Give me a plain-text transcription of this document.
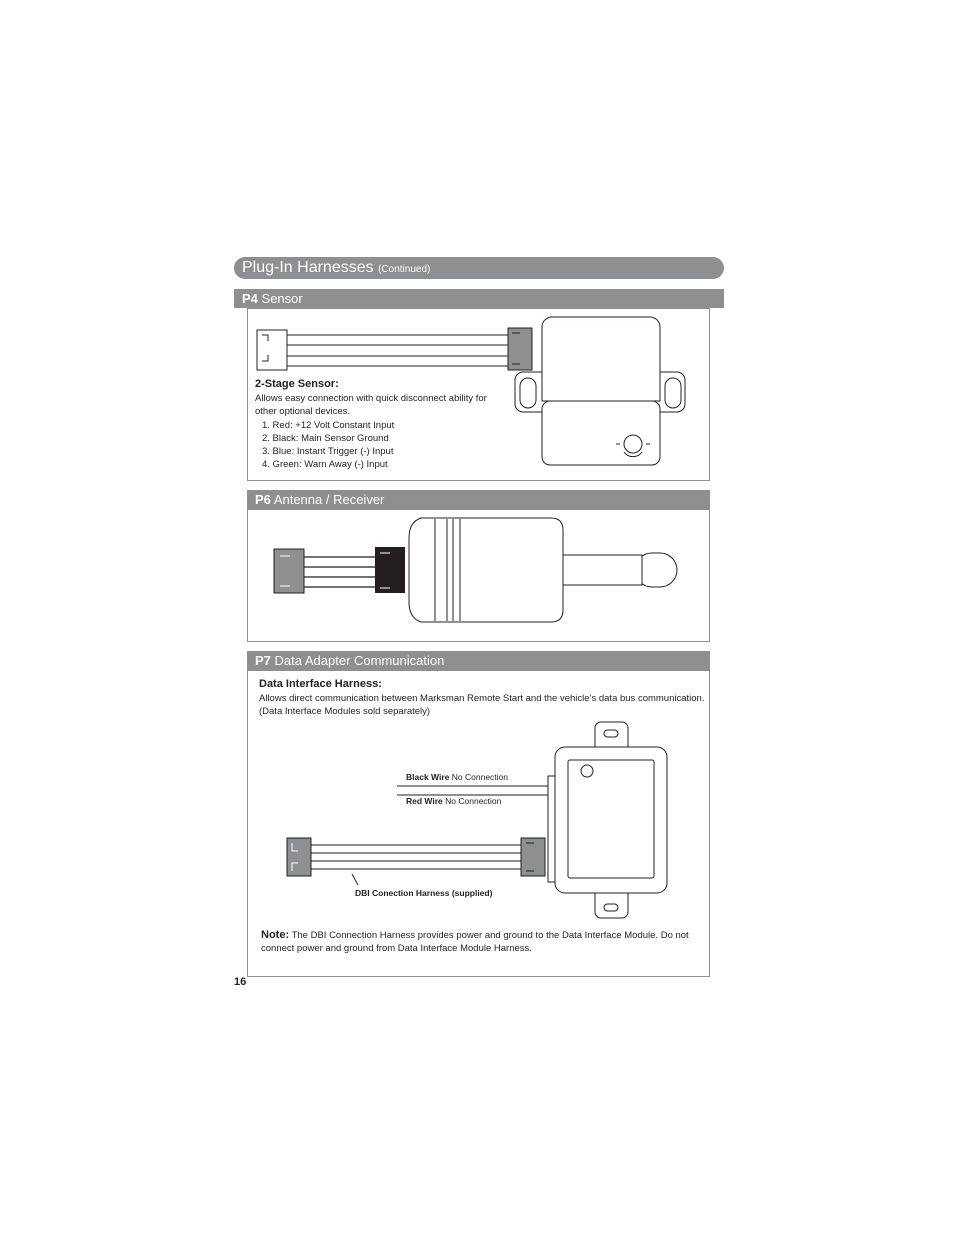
Plug-In Harnesses (Continued)
P4 Sensor
2-Stage Sensor:
Allows easy connection with quick disconnect ability for other optional devices.
1. Red: +12 Volt Constant Input
2. Black: Main Sensor Ground
3. Blue: Instant Trigger (-) Input
4. Green: Warn Away (-) Input
P6 Antenna / Receiver
P7 Data Adapter Communication
Data Interface Harness:
Allows direct communication between Marksman Remote Start and the vehicle’s data bus communication.
(Data Interface Modules sold separately)
Black Wire No Connection
Red Wire No Connection
DBI Conection Harness (supplied)
Note: The DBI Connection Harness provides power and ground to the Data Interface Module. Do not
connect power and ground from Data Interface Module Harness.
16
